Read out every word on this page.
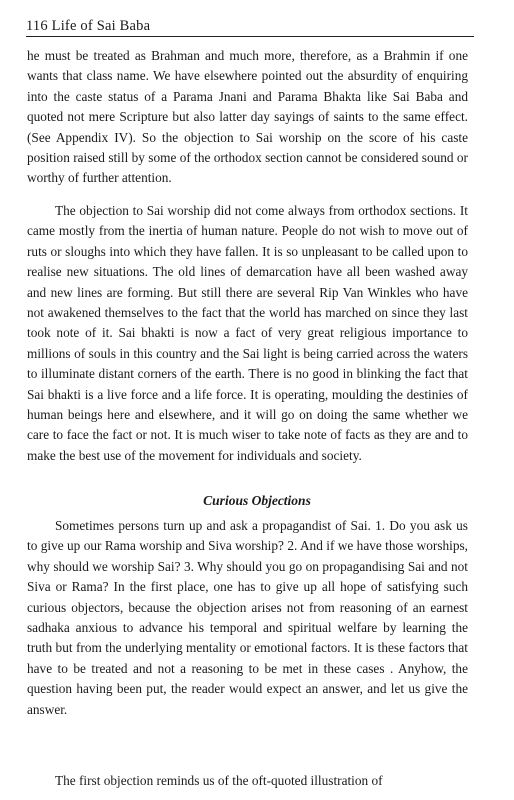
116 Life of Sai Baba

he must be treated as Brahman and much more, therefore, as a Brahmin if one wants that class name. We have elsewhere pointed out the absurdity of enquiring into the caste status of a Parama Jnani and Parama Bhakta like Sai Baba and quoted not mere Scripture but also latter day sayings of saints to the same effect. (See Appendix IV). So the objection to Sai worship on the score of his caste position raised still by some of the orthodox section cannot be considered sound or worthy of further attention.

The objection to Sai worship did not come always from orthodox sections. It came mostly from the inertia of human nature. People do not wish to move out of ruts or sloughs into which they have fallen. It is so unpleasant to be called upon to realise new situations. The old lines of demarcation have all been washed away and new lines are forming. But still there are several Rip Van Winkles who have not awakened themselves to the fact that the world has marched on since they last took note of it. Sai bhakti is now a fact of very great religious importance to millions of souls in this country and the Sai light is being carried across the waters to illuminate distant corners of the earth. There is no good in blinking the fact that Sai bhakti is a live force and a life force. It is operating, moulding the destinies of human beings here and elsewhere, and it will go on doing the same whether we care to face the fact or not. It is much wiser to take note of facts as they are and to make the best use of the movement for individuals and society.

Curious Objections

Sometimes persons turn up and ask a propagandist of Sai. 1. Do you ask us to give up our Rama worship and Siva worship? 2. And if we have those worships, why should we worship Sai? 3. Why should you go on propagandising Sai and not Siva or Rama? In the first place, one has to give up all hope of satisfying such curious objectors, because the objection arises not from reasoning of an earnest sadhaka anxious to advance his temporal and spiritual welfare by learning the truth but from the underlying mentality or emotional factors. It is these factors that have to be treated and not a reasoning to be met in these cases . Anyhow, the question having been put, the reader would expect an answer, and let us give the answer.

The first objection reminds us of the oft-quoted illustration of
